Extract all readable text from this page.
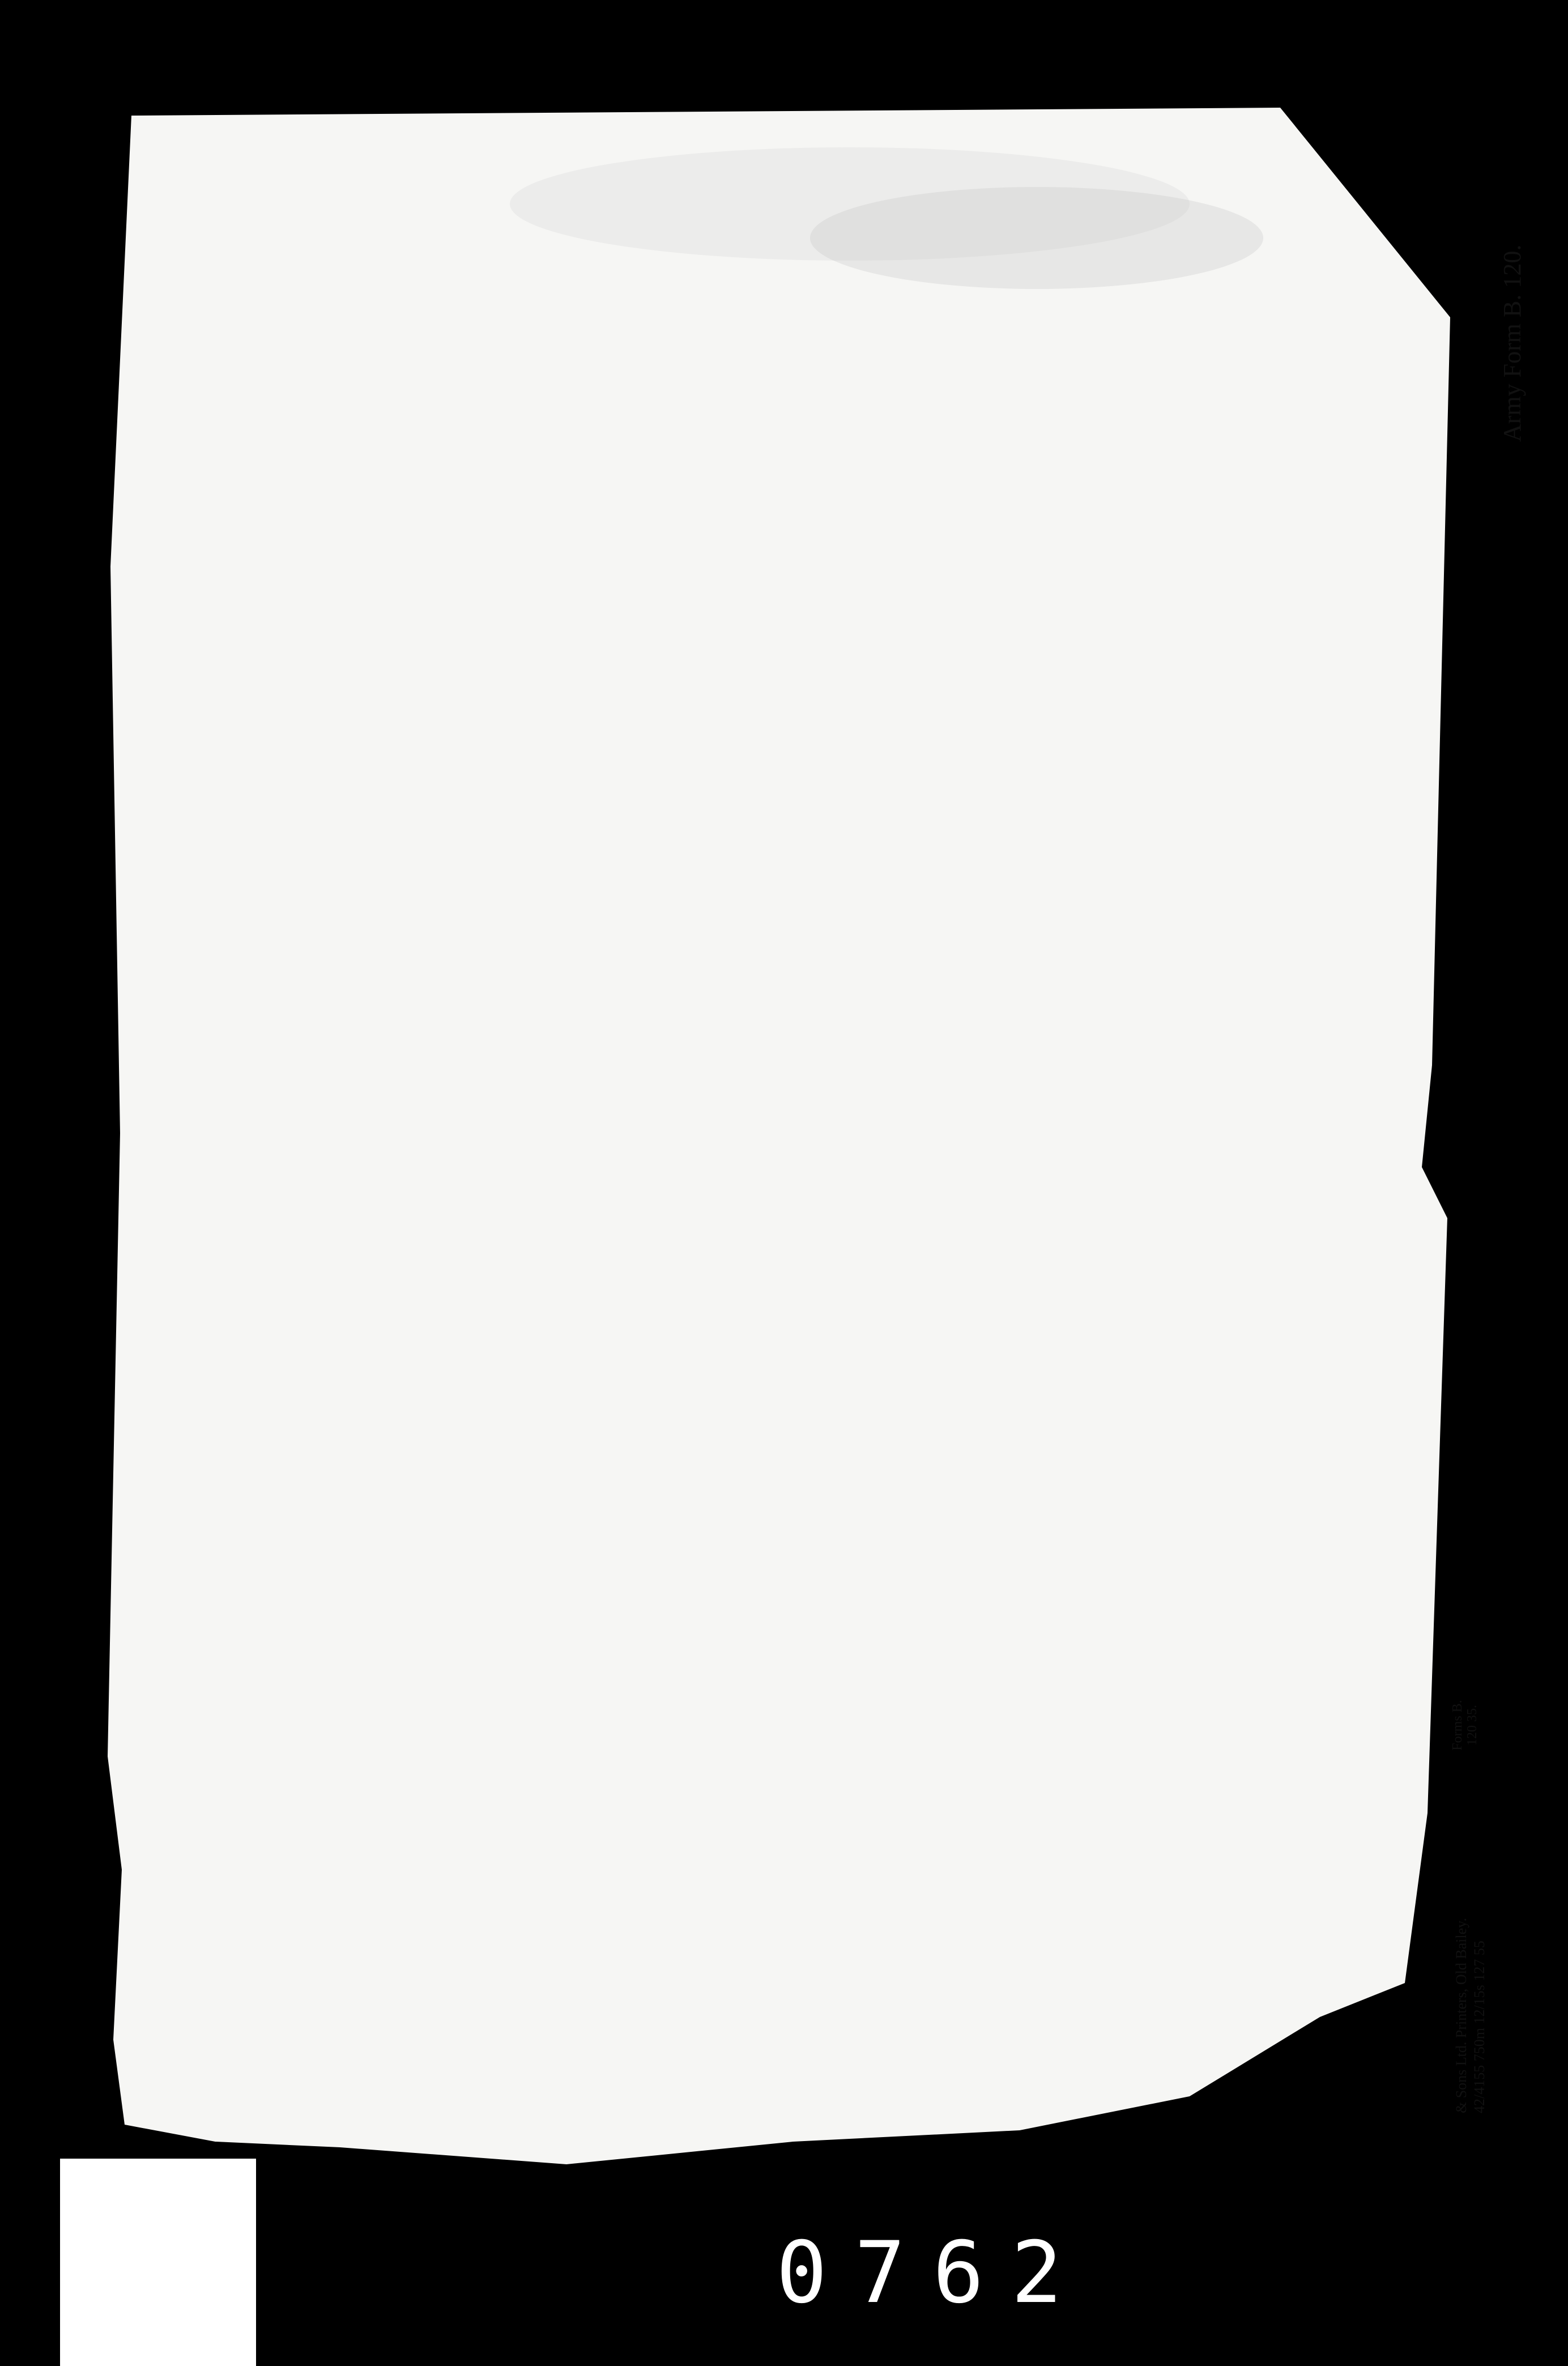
& Sons Ltd. Printers, Old Bailey. 42/4155 750m 12/15s 127 55
Forms B. 120 35.
Army Form B. 120.
0762
